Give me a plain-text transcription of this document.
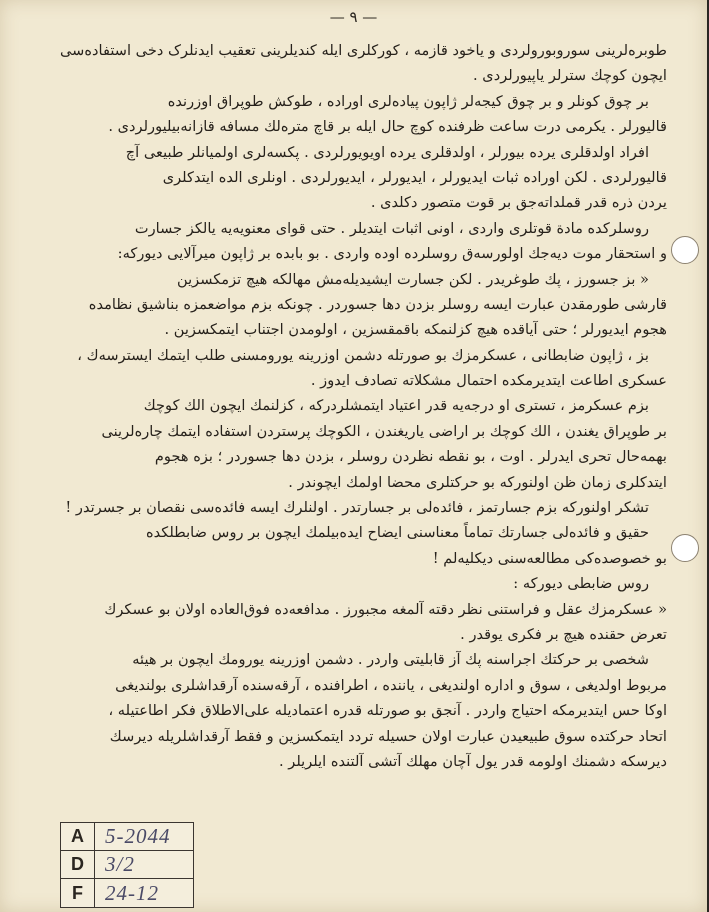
— ٩ —
طوبره‌لرینی سوروبورولردی و یاخود قازمه ، کورکلری ایله کندیلرینی تعقیب ایدنلرک دخی استفاده‌سی
ایچون کوچك سترلر یاپیورلردی .
بر چوق کونلر و بر چوق کیجه‌لر ژاپون پیاده‌لری اوراده ، طوکش طوپراق اوزرنده
قالیورلر . یکرمی درت ساعت ظرفنده کوچ حال ایله بر قاچ مترەلك مسافه قازانه‌بیلیورلردی .
افراد اولدقلری یرده بیورلر ، اولدقلری یرده اویویورلردی . پکسه‌لری اولمیانلر طبیعی آچ
قالیورلردی . لکن اوراده ثبات ایدیورلر ، ایدیورلر ، ایدیورلردی . اونلری الده ایتدکلری
یردن ذره قدر قملداته‌جق بر قوت متصور دکلدی .
روسلرکده مادة قوتلری واردی ، اونی اثبات ایتدیلر . حتی قوای معنویه‌یه یالکز جسارت
و استحقار موت دیه‌جك اولورسه‌ق روسلرده اوده واردی . بو بابده بر ژاپون میرآلایی دیورکه:
« بز جسورز ، پك طوغریدر . لکن جسارت ایشیدیله‌مش مهالکه هیچ تزمکسزین
قارشی طورمقدن عبارت ایسه روسلر بزدن دها جسوردر . چونکه بزم مواضعمزه بناشیق نظامده
هجوم ایدیورلر ؛ حتی آیاقده هیچ کزلنمکه باقمقسزین ، اولومدن اجتناب ایتمکسزین .
بز ، ژاپون ضابطانی ، عسکرمزك بو صورتله دشمن اوزرینه یورومسنی طلب ایتمك ایسترسه‌ك ،
عسکری اطاعت ایتدیرمکده احتمال مشکلاته تصادف ایدوز .
بزم عسکرمز ، تسترى او درجه‌یه قدر اعتیاد ایتمشلردرکه ، کزلنمك ایچون الك کوچك
بر طوپراق یغندن ، الك کوچك بر اراضی یاریغندن ، الکوچك پرستردن استفاده ایتمك چاره‌لرینی
بهمه‌حال تحری ایدرلر . اوت ، بو نقطه نظردن روسلر ، بزدن دها جسوردر ؛ بزه هجوم
ایتدکلری زمان ظن اولنورکه بو حرکتلری محضا اولمك ایچوندر .
تشکر اولنورکه بزم جسارتمز ، فائده‌لی بر جسارتدر . اولنلرك ایسه فائده‌سی نقصان بر جسرتدر !
حقیق و فائده‌لی جسارتك تماماً معناسنی ایضاح ایده‌بیلمك ایچون بر روس ضابطلکده
بو خصوصده‌کی مطالعه‌سنی دیکلیەلم !
روس ضابطی دیورکه :
« عسکرمزك عقل و فراستنی نظر دقته آلمغه مجبورز . مدافعه‌ده فوق‌العاده اولان بو عسکرك
تعرض حقنده هیچ بر فکری یوقدر .
شخصی بر حرکتك اجراسنه پك آز قابلیتی واردر . دشمن اوزرینه یورومك ایچون بر هیئه
مربوط اولدیغی ، سوق و اداره اولندیغی ، یاننده ، اطرافنده ، آرقه‌سنده آرقداشلری بولندیغی
اوکا حس ایتدیرمکه احتیاج واردر . آنجق بو صورتله قدره اعتمادیله علی‌الاطلاق فکر اطاعتیله ،
اتحاد حرکتده سوق طبیعیدن عبارت اولان حسیله تردد ایتمکسزین و فقط آرقداشلریله دیرسك
دیرسکه دشمنك اولومه قدر یول آچان مهلك آتشی آلتنده ایلریلر .
A	5-2044
D	3/2
F	24-12
